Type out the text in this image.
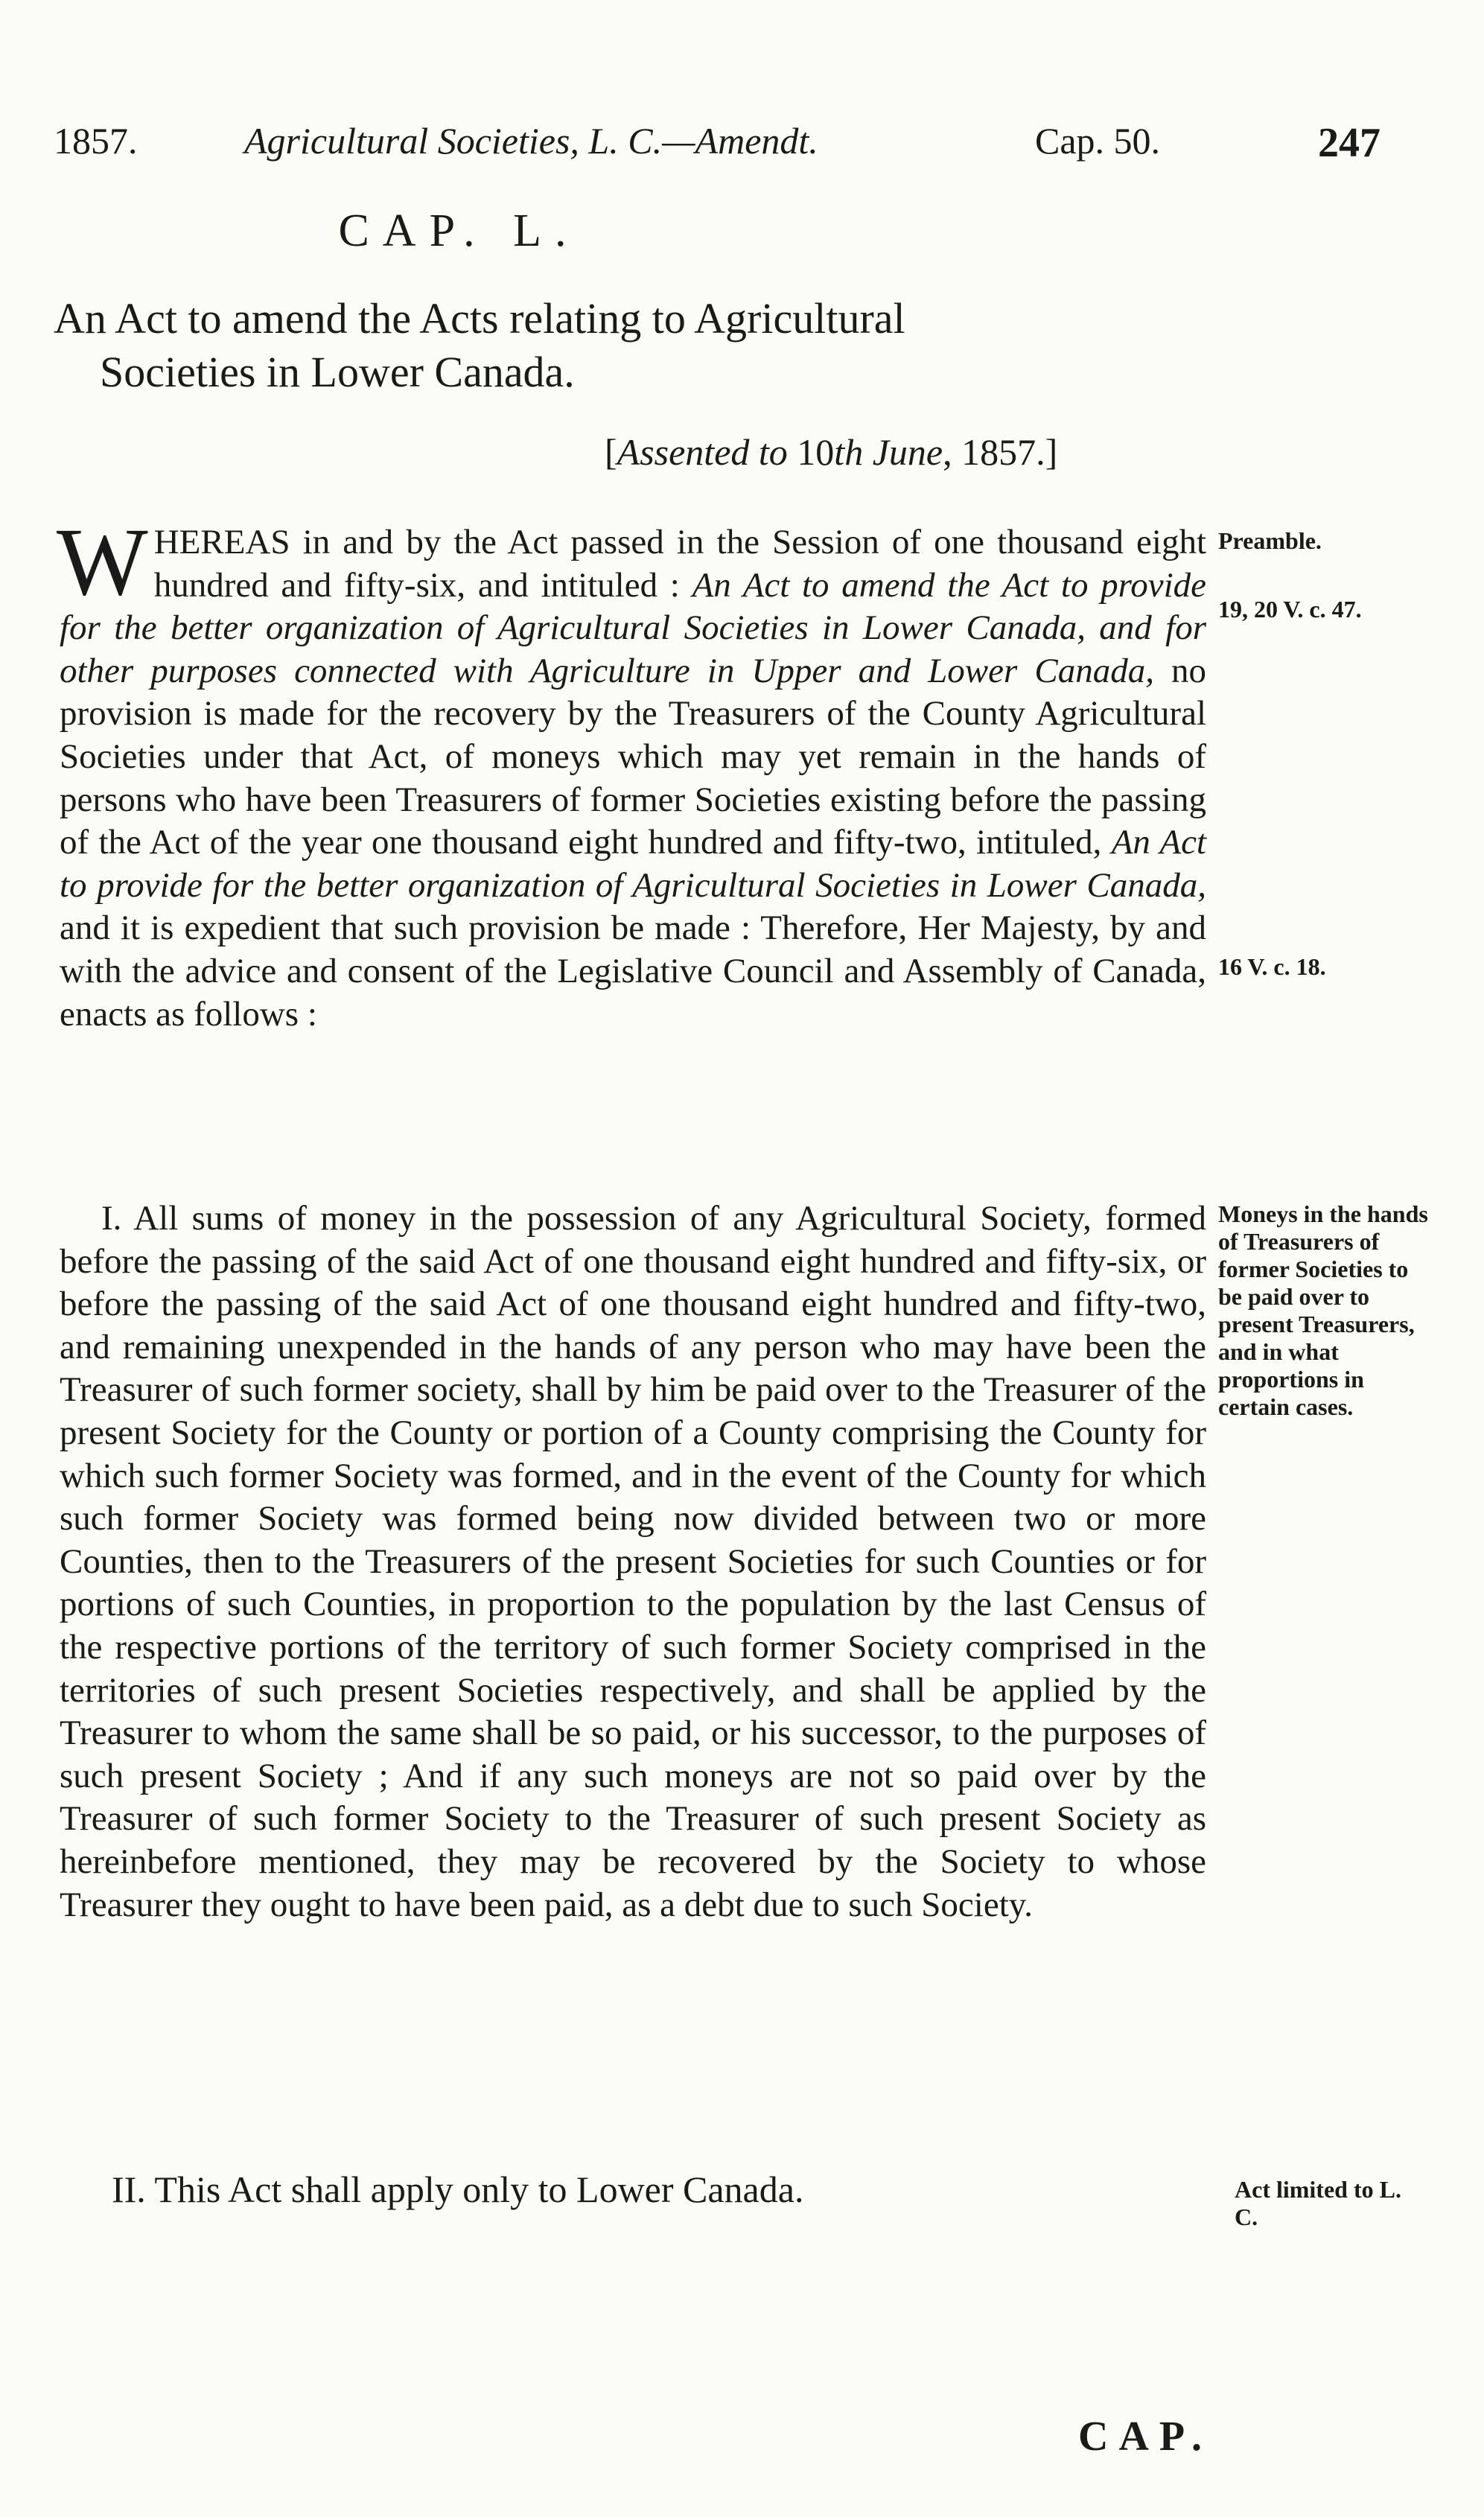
1857.	Agricultural Societies, L. C.—Amendt.	Cap. 50.	247
CAP. L.
An Act to amend the Acts relating to Agricultural
Societies in Lower Canada.
[Assented to 10th June, 1857.]
WHEREAS in and by the Act passed in the Session of one thousand eight hundred and fifty-six, and intituled : An Act to amend the Act to provide for the better organization of Agricultural Societies in Lower Canada, and for other purposes connected with Agriculture in Upper and Lower Canada, no provision is made for the recovery by the Treasurers of the County Agricultural Societies under that Act, of moneys which may yet remain in the hands of persons who have been Treasurers of former Societies existing before the passing of the Act of the year one thousand eight hundred and fifty-two, intituled, An Act to provide for the better organization of Agricultural Societies in Lower Canada, and it is expedient that such provision be made : Therefore, Her Majesty, by and with the advice and consent of the Legislative Council and Assembly of Canada, enacts as follows :
I. All sums of money in the possession of any Agricultural Society, formed before the passing of the said Act of one thousand eight hundred and fifty-six, or before the passing of the said Act of one thousand eight hundred and fifty-two, and remaining unexpended in the hands of any person who may have been the Treasurer of such former society, shall by him be paid over to the Treasurer of the present Society for the County or portion of a County comprising the County for which such former Society was formed, and in the event of the County for which such former Society was formed being now divided between two or more Counties, then to the Treasurers of the present Societies for such Counties or for portions of such Counties, in proportion to the population by the last Census of the respective portions of the territory of such former Society comprised in the territories of such present Societies respectively, and shall be applied by the Treasurer to whom the same shall be so paid, or his successor, to the purposes of such present Society ; And if any such moneys are not so paid over by the Treasurer of such former Society to the Treasurer of such present Society as hereinbefore mentioned, they may be recovered by the Society to whose Treasurer they ought to have been paid, as a debt due to such Society.
II. This Act shall apply only to Lower Canada.
Preamble.
19, 20 V. c. 47.
16 V. c. 18.
Moneys in the hands of Treasurers of former Societies to be paid over to present Treasurers, and in what proportions in certain cases.
Act limited to L. C.
CAP.
